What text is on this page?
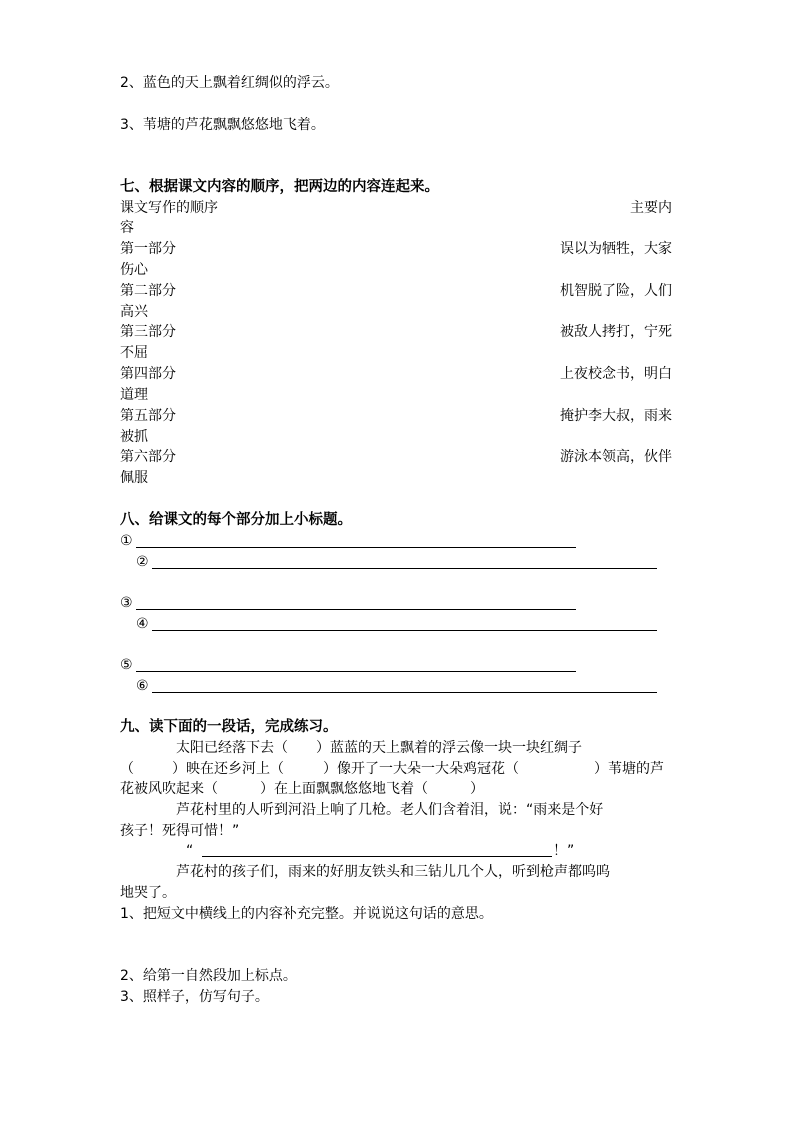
2、蓝色的天上飘着红绸似的浮云。
3、苇塘的芦花飘飘悠悠地飞着。
七、根据课文内容的顺序，把两边的内容连起来。
课文写作的顺序	主要内
容
第一部分	误以为牺牲，大家
伤心
第二部分	机智脱了险，人们
高兴
第三部分	被敌人拷打，宁死
不屈
第四部分	上夜校念书，明白
道理
第五部分	掩护李大叔，雨来
被抓
第六部分	游泳本领高，伙伴
佩服
八、给课文的每个部分加上小标题。
①
②
③
④
⑤
⑥
九、读下面的一段话，完成练习。
太阳已经落下去（　　）蓝蓝的天上飘着的浮云像一块一块红绸子
（	）映在还乡河上（	）像开了一大朵一大朵鸡冠花（	）苇塘的芦
花被风吹起来（　　　）在上面飘飘悠悠地飞着（　　　）
芦花村里的人听到河沿上响了几枪。老人们含着泪，说：“雨来是个好
孩子！死得可惜！”
“	！”
芦花村的孩子们，雨来的好朋友铁头和三钻儿几个人，听到枪声都呜呜
地哭了。
1、把短文中横线上的内容补充完整。并说说这句话的意思。
2、给第一自然段加上标点。
3、照样子，仿写句子。
